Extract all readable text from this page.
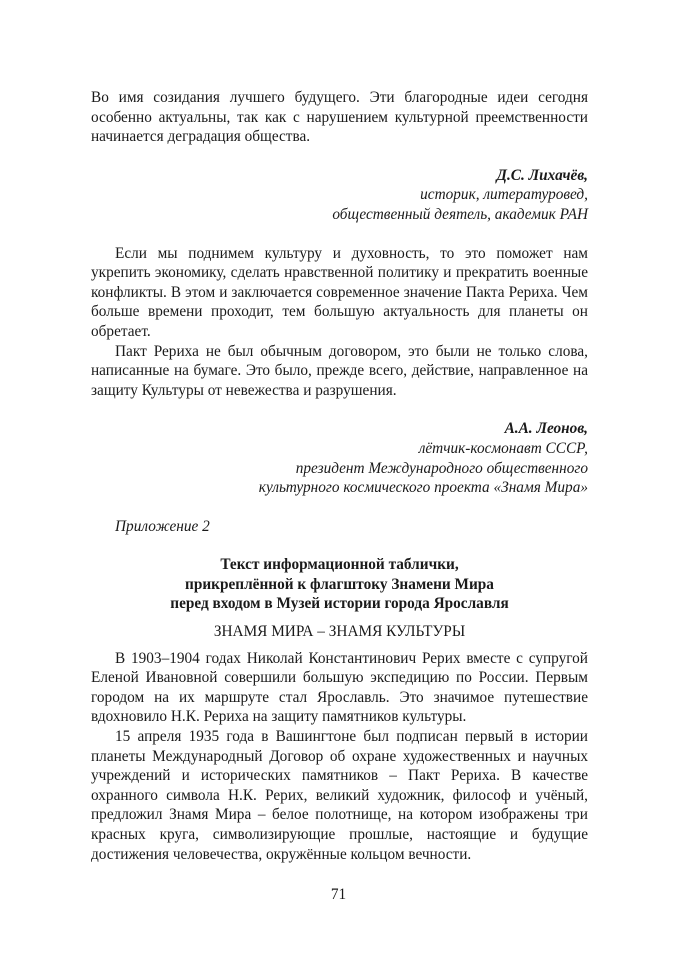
Во имя созидания лучшего будущего. Эти благородные идеи сегодня особенно актуальны, так как с нарушением культурной преемственности начинается деградация общества.

Д.С. Лихачёв,
историк, литературовед,
общественный деятель, академик РАН

Если мы поднимем культуру и духовность, то это поможет нам укрепить экономику, сделать нравственной политику и прекратить военные конфликты. В этом и заключается современное значение Пакта Рериха. Чем больше времени проходит, тем большую актуальность для планеты он обретает.

Пакт Рериха не был обычным договором, это были не только слова, написанные на бумаге. Это было, прежде всего, действие, направленное на защиту Культуры от невежества и разрушения.

А.А. Леонов,
лётчик-космонавт СССР,
президент Международного общественного
культурного космического проекта «Знамя Мира»
Приложение 2
Текст информационной таблички,
прикреплённой к флагштоку Знамени Мира
перед входом в Музей истории города Ярославля
ЗНАМЯ МИРА – ЗНАМЯ КУЛЬТУРЫ

В 1903–1904 годах Николай Константинович Рерих вместе с супругой Еленой Ивановной совершили большую экспедицию по России. Первым городом на их маршруте стал Ярославль. Это значимое путешествие вдохновило Н.К. Рериха на защиту памятников культуры.

15 апреля 1935 года в Вашингтоне был подписан первый в истории планеты Международный Договор об охране художественных и научных учреждений и исторических памятников – Пакт Рериха. В качестве охранного символа Н.К. Рерих, великий художник, философ и учёный, предложил Знамя Мира – белое полотнище, на котором изображены три красных круга, символизирующие прошлые, настоящие и будущие достижения человечества, окружённые кольцом вечности.

71
